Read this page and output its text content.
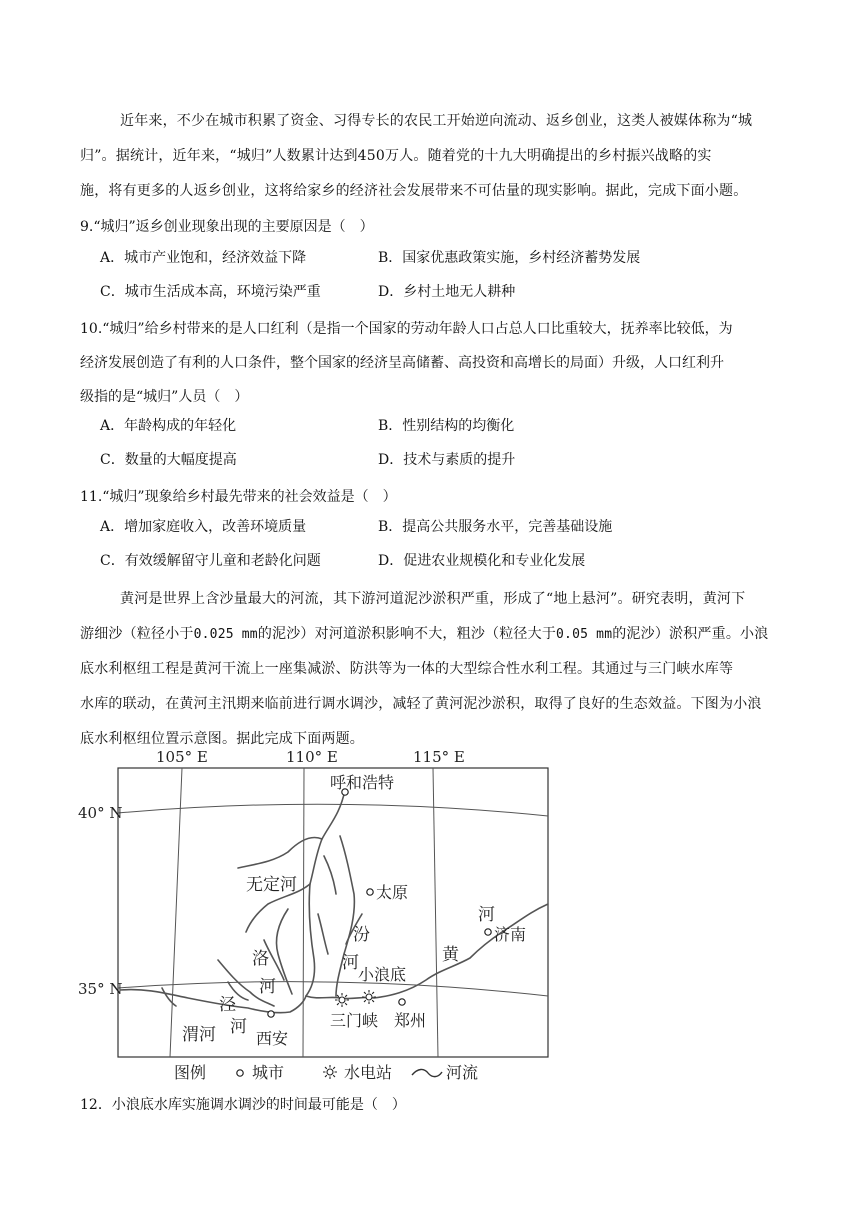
近年来，不少在城市积累了资金、习得专长的农民工开始逆向流动、返乡创业，这类人被媒体称为“城
归”。据统计，近年来，“城归”人数累计达到450万人。随着党的十九大明确提出的乡村振兴战略的实
施，将有更多的人返乡创业，这将给家乡的经济社会发展带来不可估量的现实影响。据此，完成下面小题。
9.“城归”返乡创业现象出现的主要原因是（　）
A．城市产业饱和，经济效益下降	B．国家优惠政策实施，乡村经济蓄势发展
C．城市生活成本高，环境污染严重	D．乡村土地无人耕种
10.“城归”给乡村带来的是人口红利（是指一个国家的劳动年龄人口占总人口比重较大，抚养率比较低，为
经济发展创造了有利的人口条件，整个国家的经济呈高储蓄、高投资和高增长的局面）升级，人口红利升
级指的是“城归”人员（　）
A．年龄构成的年轻化	B．性别结构的均衡化
C．数量的大幅度提高	D．技术与素质的提升
11.“城归”现象给乡村最先带来的社会效益是（　）
A．增加家庭收入，改善环境质量	B．提高公共服务水平，完善基础设施
C．有效缓解留守儿童和老龄化问题	D．促进农业规模化和专业化发展
黄河是世界上含沙量最大的河流，其下游河道泥沙淤积严重，形成了“地上悬河”。研究表明，黄河下
游细沙（粒径小于0.025 mm的泥沙）对河道淤积影响不大，粗沙（粒径大于0.05 mm的泥沙）淤积严重。小浪
底水利枢纽工程是黄河干流上一座集减淤、防洪等为一体的大型综合性水利工程。其通过与三门峡水库等
水库的联动，在黄河主汛期来临前进行调水调沙，减轻了黄河泥沙淤积，取得了良好的生态效益。下图为小浪
底水利枢纽位置示意图。据此完成下面两题。
105° E	110° E	115° E
40° N
35° N
呼和浩特
太原
济南
西安
郑州
小浪底
三门峡
无定河
汾
河
洛
河
黄
河
泾
河
渭河
图例	城市	水电站	河流
12．小浪底水库实施调水调沙的时间最可能是（　）
